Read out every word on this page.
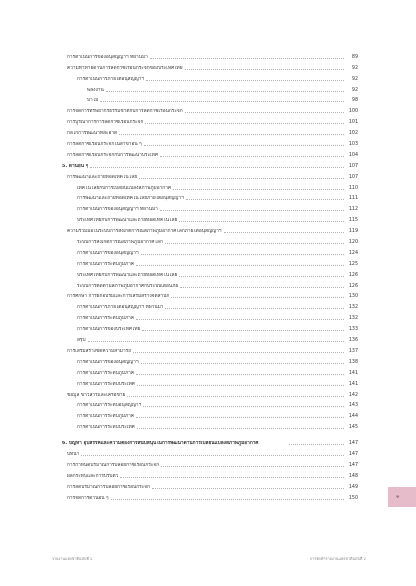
การดำเนินการของอนุสัญญาฯ ที่ผ่านมา	89
ความท้าทายด้านการลดก๊าซเรือนกระจกของประเทศไทย	92
การดำเนินการภายใต้อนุสัญญาฯ	92
พลังงาน	92
ป่าไม้	98
การจัดการทรัพยากรธรรมชาติกับการลดก๊าซเรือนกระจก	100
การบูรณาการการลดก๊าซเรือนกระจก	101
กลไกการพัฒนาที่สะอาด	102
การลดก๊าซเรือนกระจกในสาขาอื่น ๆ	103
การลดก๊าซเรือนกระจกกับการพัฒนาประเทศ	104
5. ด้านอื่น ๆ	107
การพัฒนาและถ่ายทอดเทคโนโลยี	107
เทคโนโลยีกับการเปลี่ยนแปลงสภาพภูมิอากาศ	110
การพัฒนาและถ่ายทอดเทคโนโลยีภายใต้อนุสัญญาฯ	111
การดำเนินการของอนุสัญญาฯ ที่ผ่านมา	112
ประเทศไทยกับการพัฒนาและถ่ายทอดเทคโนโลยี	115
ความร่วมมือในระบบการสังเกตการณ์สภาพภูมิอากาศโลกภายใต้อนุสัญญาฯ	119
ระบบการสังเกตการณ์สภาพภูมิอากาศโลก	120
การดำเนินการของอนุสัญญาฯ	124
การดำเนินการระดับภูมิภาค	125
ประเทศไทยกับการพัฒนาและถ่ายทอดเทคโนโลยี	126
ระบบการติดตามสภาพภูมิอากาศกับระบบเตือนภัย	126
การศึกษา การฝึกอบรมและการเสริมสร้างจิตสำนึก	130
การดำเนินการภายใต้อนุสัญญาฯ ที่ผ่านมา	132
การดำเนินการระดับภูมิภาค	132
การดำเนินการของประเทศไทย	133
สรุป	136
การเสริมสร้างขีดความสามารถ	137
การดำเนินการของอนุสัญญาฯ	138
การดำเนินการระดับภูมิภาค	141
การดำเนินการระดับประเทศ	141
ข้อมูล ข่าวสารและเครือข่าย	142
การดำเนินการระดับอนุสัญญาฯ	143
การดำเนินการระดับภูมิภาค	144
การดำเนินการระดับประเทศ	145
6. ปัญหา อุปสรรคและความต้องการสนับสนุนในการพัฒนาด้านการเปลี่ยนแปลงสภาพภูมิอากาศ	147
บทนำ	147
การกำหนดปริมาณการปล่อยก๊าซเรือนกระจก	147
ผลกระทบและการปรับตัว	148
การลดปริมาณการปล่อยก๊าซเรือนกระจก	149
การจัดการด้านอื่น ๆ	150	ฑ
รายงานแห่งชาติฉบับที่ 2	การจัดทำรายงานแห่งชาติฉบับที่ 2
